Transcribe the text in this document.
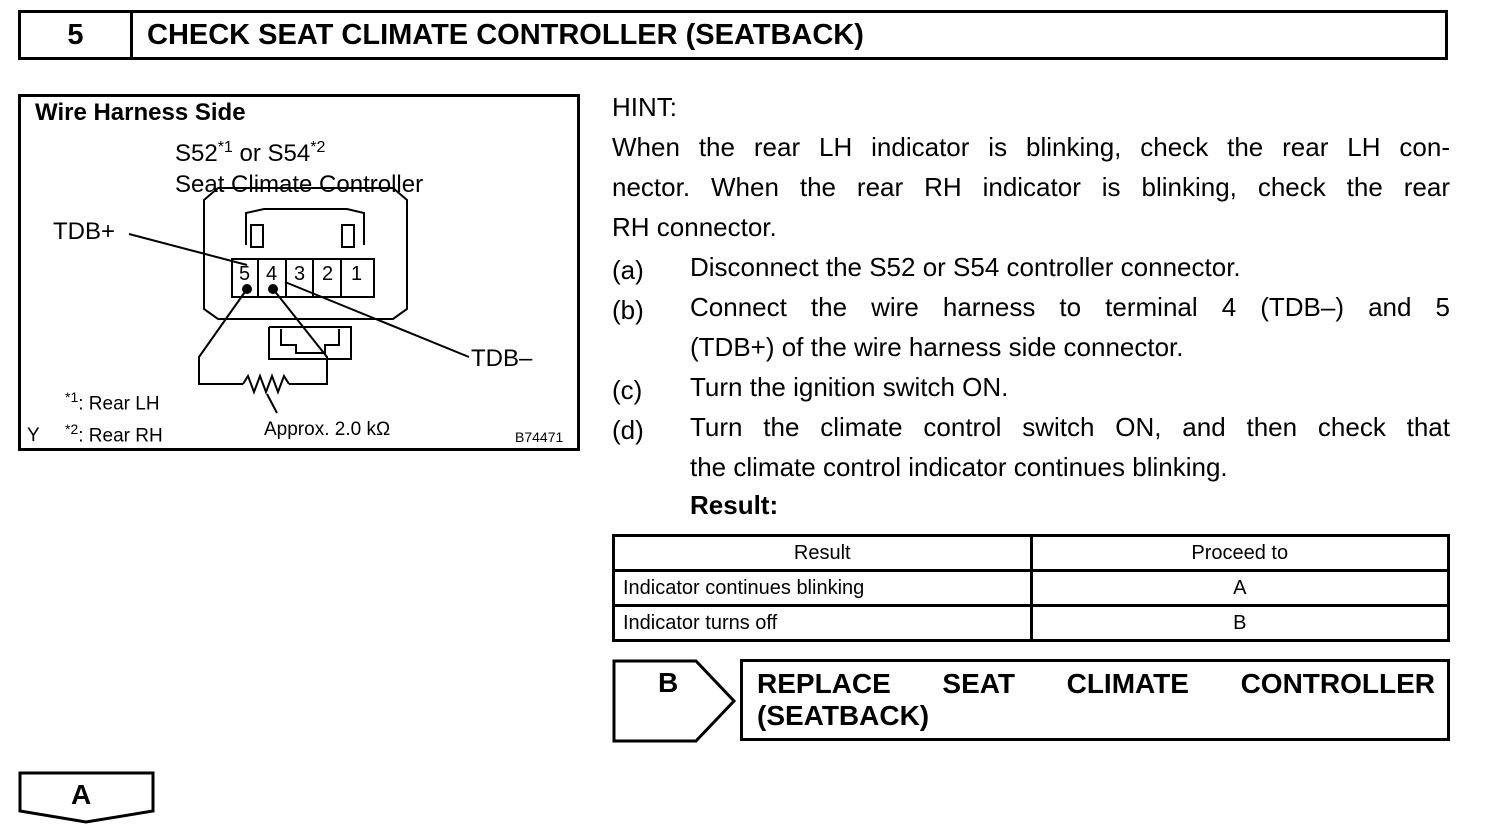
5	CHECK SEAT CLIMATE CONTROLLER (SEATBACK)
Wire Harness Side
S52$^{*1}$ or S54$^{*2}$
Seat Climate Controller
TDB+
TDB–
5 4 3 2 1
$^{*1}$: Rear LH
$^{*2}$: Rear RH
Y	Approx. 2.0 kΩ	B74471
HINT:
When the rear LH indicator is blinking, check the rear LH con-
nector. When the rear RH indicator is blinking, check the rear
RH connector.
(a) Disconnect the S52 or S54 controller connector.
(b) Connect the wire harness to terminal 4 (TDB–) and 5
(TDB+) of the wire harness side connector.
(c) Turn the ignition switch ON.
(d) Turn the climate control switch ON, and then check that
the climate control indicator continues blinking.
Result:
Result	Proceed to
Indicator continues blinking	A
Indicator turns off	B
B	REPLACE SEAT CLIMATE CONTROLLER
(SEATBACK)
A
